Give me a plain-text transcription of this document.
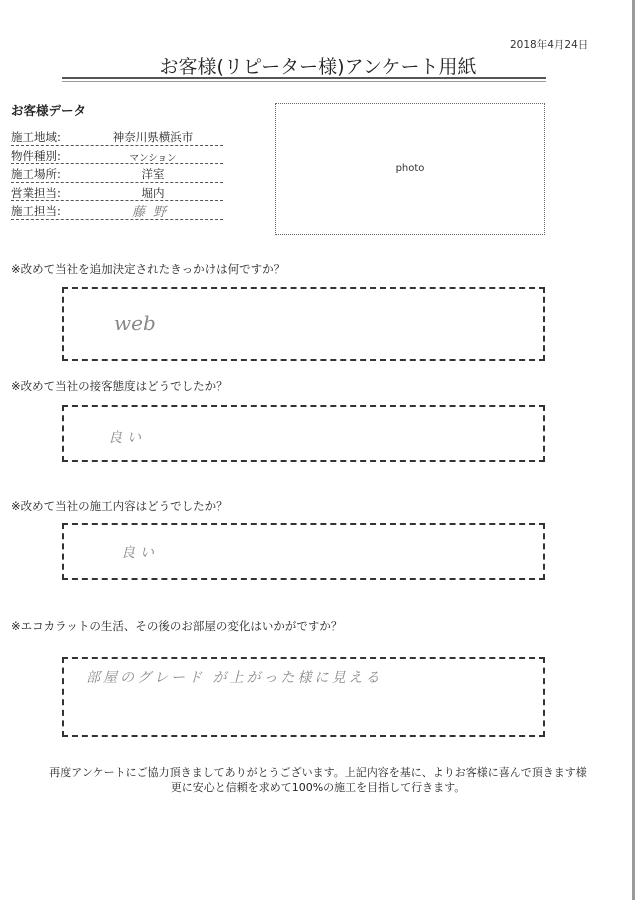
2018年4月24日
お客様(リピーター様)アンケート用紙
お客様データ
施工地域:	神奈川県横浜市
物件種別:	マンション
施工場所:	洋室
営業担当:	堀内
施工担当:	藤野
photo
※改めて当社を追加決定されたきっかけは何ですか？
web
※改めて当社の接客態度はどうでしたか？
良い
※改めて当社の施工内容はどうでしたか？
良い
※エコカラットの生活、その後のお部屋の変化はいかがですか？
部屋のグレード が上がった様に見える
再度アンケートにご協力頂きましてありがとうございます。上記内容を基に、よりお客様に喜んで頂きます様
更に安心と信頼を求めて100%の施工を目指して行きます。
